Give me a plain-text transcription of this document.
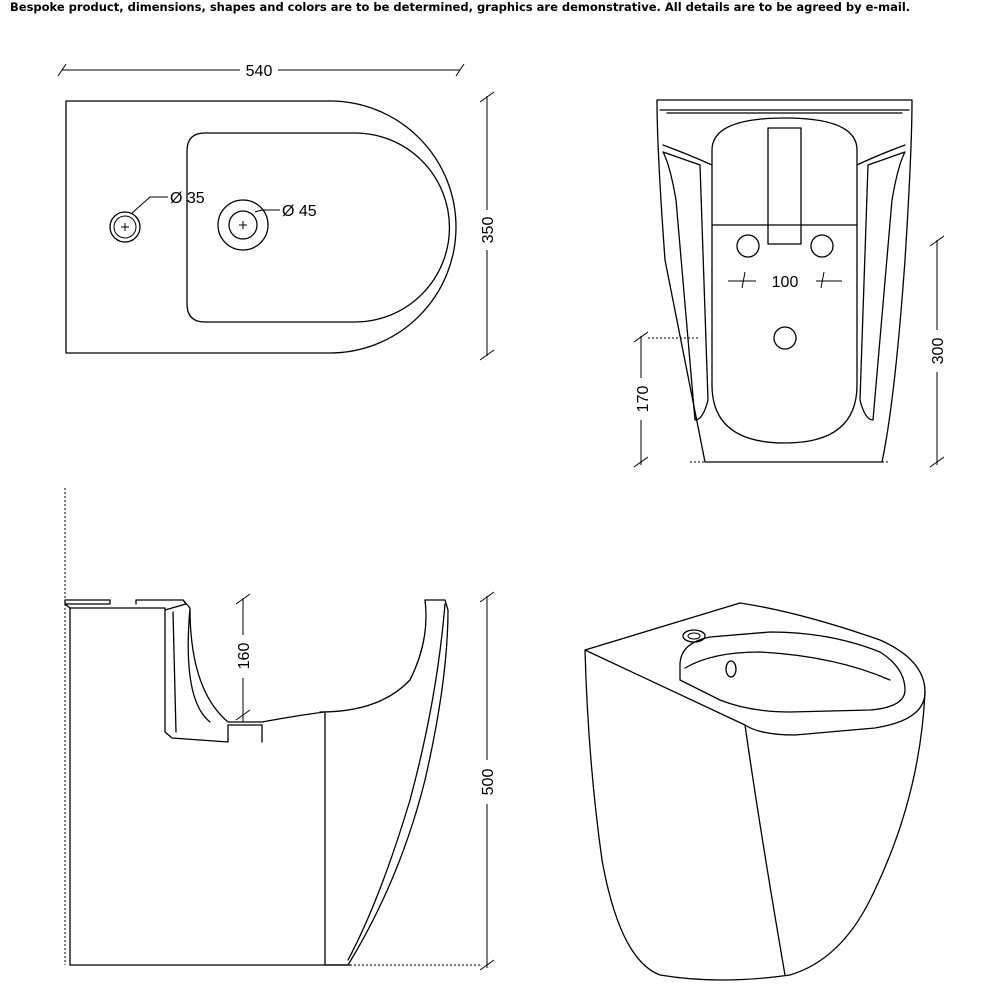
Bespoke product, dimensions, shapes and colors are to be determined, graphics are demonstrative. All details are to be agreed by e-mail.
540
Ø 35
Ø 45
350
100
170
300
160
500
